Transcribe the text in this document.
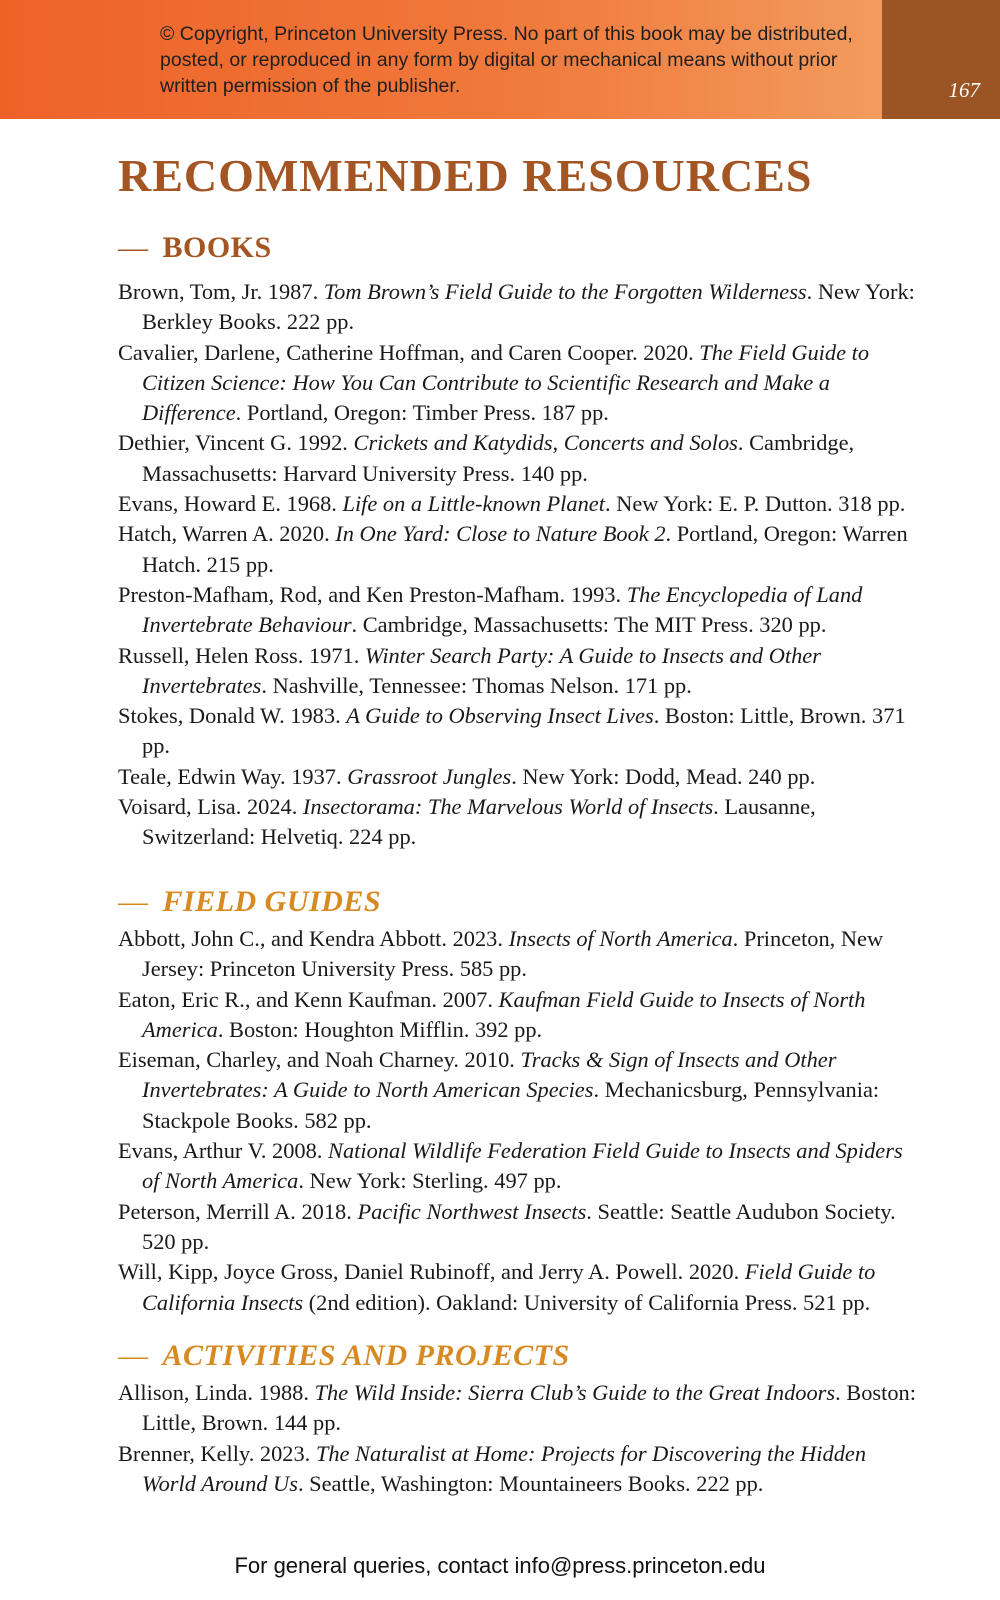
© Copyright, Princeton University Press. No part of this book may be distributed, posted, or reproduced in any form by digital or mechanical means without prior written permission of the publisher.	167
RECOMMENDED RESOURCES
— BOOKS
Brown, Tom, Jr. 1987. Tom Brown’s Field Guide to the Forgotten Wilderness. New York: Berkley Books. 222 pp.
Cavalier, Darlene, Catherine Hoffman, and Caren Cooper. 2020. The Field Guide to Citizen Science: How You Can Contribute to Scientific Research and Make a Difference. Portland, Oregon: Timber Press. 187 pp.
Dethier, Vincent G. 1992. Crickets and Katydids, Concerts and Solos. Cambridge, Massachusetts: Harvard University Press. 140 pp.
Evans, Howard E. 1968. Life on a Little-known Planet. New York: E. P. Dutton. 318 pp.
Hatch, Warren A. 2020. In One Yard: Close to Nature Book 2. Portland, Oregon: Warren Hatch. 215 pp.
Preston-Mafham, Rod, and Ken Preston-Mafham. 1993. The Encyclopedia of Land Invertebrate Behaviour. Cambridge, Massachusetts: The MIT Press. 320 pp.
Russell, Helen Ross. 1971. Winter Search Party: A Guide to Insects and Other Invertebrates. Nashville, Tennessee: Thomas Nelson. 171 pp.
Stokes, Donald W. 1983. A Guide to Observing Insect Lives. Boston: Little, Brown. 371 pp.
Teale, Edwin Way. 1937. Grassroot Jungles. New York: Dodd, Mead. 240 pp.
Voisard, Lisa. 2024. Insectorama: The Marvelous World of Insects. Lausanne, Switzerland: Helvetiq. 224 pp.
— FIELD GUIDES
Abbott, John C., and Kendra Abbott. 2023. Insects of North America. Princeton, New Jersey: Princeton University Press. 585 pp.
Eaton, Eric R., and Kenn Kaufman. 2007. Kaufman Field Guide to Insects of North America. Boston: Houghton Mifflin. 392 pp.
Eiseman, Charley, and Noah Charney. 2010. Tracks & Sign of Insects and Other Invertebrates: A Guide to North American Species. Mechanicsburg, Pennsylvania: Stackpole Books. 582 pp.
Evans, Arthur V. 2008. National Wildlife Federation Field Guide to Insects and Spiders of North America. New York: Sterling. 497 pp.
Peterson, Merrill A. 2018. Pacific Northwest Insects. Seattle: Seattle Audubon Society. 520 pp.
Will, Kipp, Joyce Gross, Daniel Rubinoff, and Jerry A. Powell. 2020. Field Guide to California Insects (2nd edition). Oakland: University of California Press. 521 pp.
— ACTIVITIES AND PROJECTS
Allison, Linda. 1988. The Wild Inside: Sierra Club’s Guide to the Great Indoors. Boston: Little, Brown. 144 pp.
Brenner, Kelly. 2023. The Naturalist at Home: Projects for Discovering the Hidden World Around Us. Seattle, Washington: Mountaineers Books. 222 pp.
For general queries, contact info@press.princeton.edu
